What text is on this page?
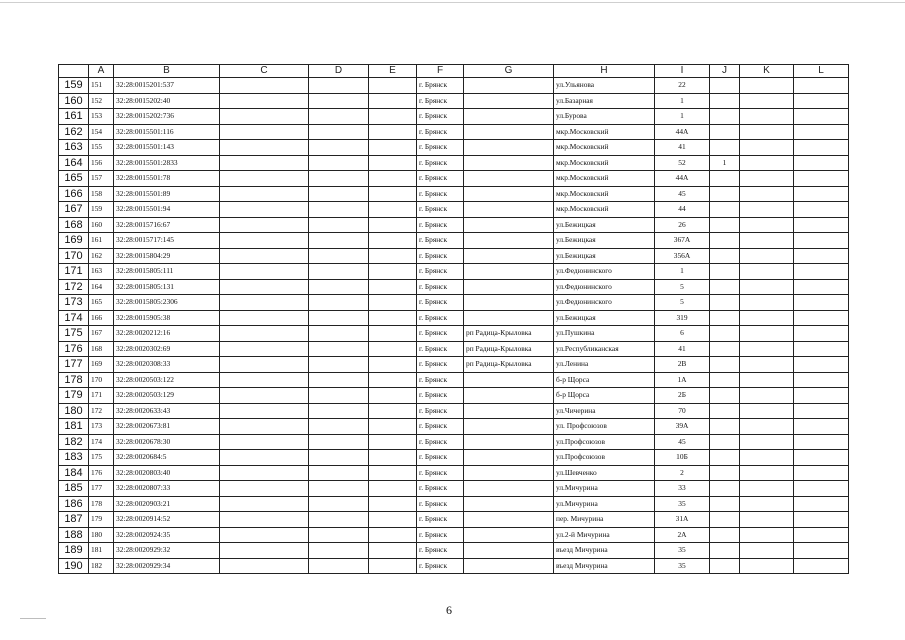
	A	B	C	D	E	F	G	H	I	J	K	L
159	151	32:28:0015201:537				г. Брянск		ул.Ульянова	22			
160	152	32:28:0015202:40				г. Брянск		ул.Базарная	1			
161	153	32:28:0015202:736				г. Брянск		ул.Бурова	1			
162	154	32:28:0015501:116				г. Брянск		мкр.Московский	44А			
163	155	32:28:0015501:143				г. Брянск		мкр.Московский	41			
164	156	32:28:0015501:2833				г. Брянск		мкр.Московский	52	1		
165	157	32:28:0015501:78				г. Брянск		мкр.Московский	44А			
166	158	32:28:0015501:89				г. Брянск		мкр.Московский	45			
167	159	32:28:0015501:94				г. Брянск		мкр.Московский	44			
168	160	32:28:0015716:67				г. Брянск		ул.Бежицкая	26			
169	161	32:28:0015717:145				г. Брянск		ул.Бежицкая	367А			
170	162	32:28:0015804:29				г. Брянск		ул.Бежицкая	356А			
171	163	32:28:0015805:111				г. Брянск		ул.Федюнинского	1			
172	164	32:28:0015805:131				г. Брянск		ул.Федюнинского	5			
173	165	32:28:0015805:2306				г. Брянск		ул.Федюнинского	5			
174	166	32:28:0015905:38				г. Брянск		ул.Бежицкая	319			
175	167	32:28:0020212:16				г. Брянск	рп Радица-Крыловка	ул.Пушкина	6			
176	168	32:28:0020302:69				г. Брянск	рп Радица-Крыловка	ул.Республиканская	41			
177	169	32:28:0020308:33				г. Брянск	рп Радица-Крыловка	ул.Ленина	2В			
178	170	32:28:0020503:122				г. Брянск		б-р Щорса	1А			
179	171	32:28:0020503:129				г. Брянск		б-р Щорса	2Б			
180	172	32:28:0020633:43				г. Брянск		ул.Чичерина	70			
181	173	32:28:0020673:81				г. Брянск		ул. Профсоюзов	39А			
182	174	32:28:0020678:30				г. Брянск		ул.Профсоюзов	45			
183	175	32:28:0020684:5				г. Брянск		ул.Профсоюзов	10Б			
184	176	32:28:0020803:40				г. Брянск		ул.Шевченко	2			
185	177	32:28:0020807:33				г. Брянск		ул.Мичурина	33			
186	178	32:28:0020903:21				г. Брянск		ул.Мичурина	35			
187	179	32:28:0020914:52				г. Брянск		пер. Мичурина	31А			
188	180	32:28:0020924:35				г. Брянск		ул.2-й Мичурина	2А			
189	181	32:28:0020929:32				г. Брянск		въезд Мичурина	35			
190	182	32:28:0020929:34				г. Брянск		въезд Мичурина	35			
6
